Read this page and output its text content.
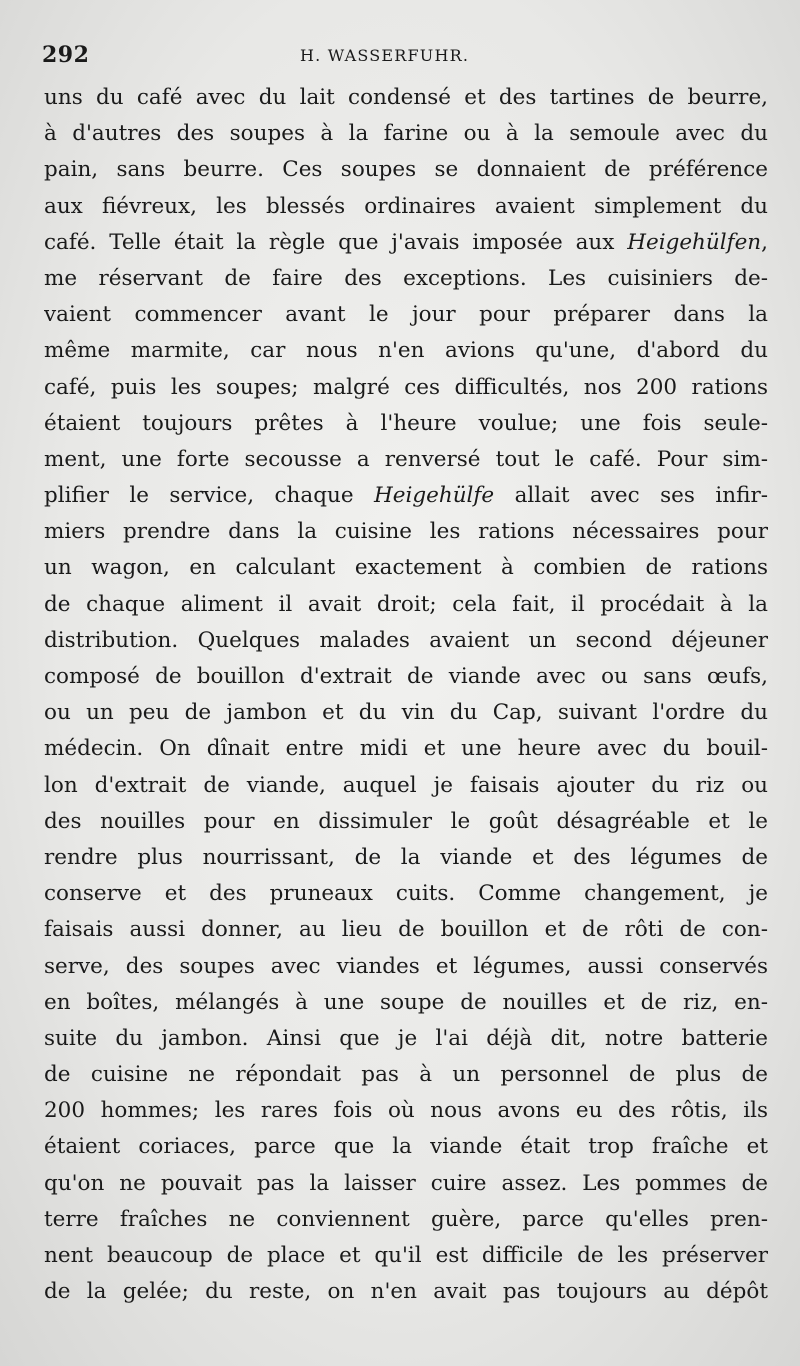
292	H. WASSERFUHR.
uns du café avec du lait condensé et des tartines de beurre,
à d'autres des soupes à la farine ou à la semoule avec du
pain, sans beurre. Ces soupes se donnaient de préférence
aux fiévreux, les blessés ordinaires avaient simplement du
café. Telle était la règle que j'avais imposée aux Heigehülfen,
me réservant de faire des exceptions. Les cuisiniers de-
vaient commencer avant le jour pour préparer dans la
même marmite, car nous n'en avions qu'une, d'abord du
café, puis les soupes; malgré ces difficultés, nos 200 rations
étaient toujours prêtes à l'heure voulue; une fois seule-
ment, une forte secousse a renversé tout le café. Pour sim-
plifier le service, chaque Heigehülfe allait avec ses infir-
miers prendre dans la cuisine les rations nécessaires pour
un wagon, en calculant exactement à combien de rations
de chaque aliment il avait droit; cela fait, il procédait à la
distribution. Quelques malades avaient un second déjeuner
composé de bouillon d'extrait de viande avec ou sans œufs,
ou un peu de jambon et du vin du Cap, suivant l'ordre du
médecin. On dînait entre midi et une heure avec du bouil-
lon d'extrait de viande, auquel je faisais ajouter du riz ou
des nouilles pour en dissimuler le goût désagréable et le
rendre plus nourrissant, de la viande et des légumes de
conserve et des pruneaux cuits. Comme changement, je
faisais aussi donner, au lieu de bouillon et de rôti de con-
serve, des soupes avec viandes et légumes, aussi conservés
en boîtes, mélangés à une soupe de nouilles et de riz, en-
suite du jambon. Ainsi que je l'ai déjà dit, notre batterie
de cuisine ne répondait pas à un personnel de plus de
200 hommes; les rares fois où nous avons eu des rôtis, ils
étaient coriaces, parce que la viande était trop fraîche et
qu'on ne pouvait pas la laisser cuire assez. Les pommes de
terre fraîches ne conviennent guère, parce qu'elles pren-
nent beaucoup de place et qu'il est difficile de les préserver
de la gelée; du reste, on n'en avait pas toujours au dépôt
